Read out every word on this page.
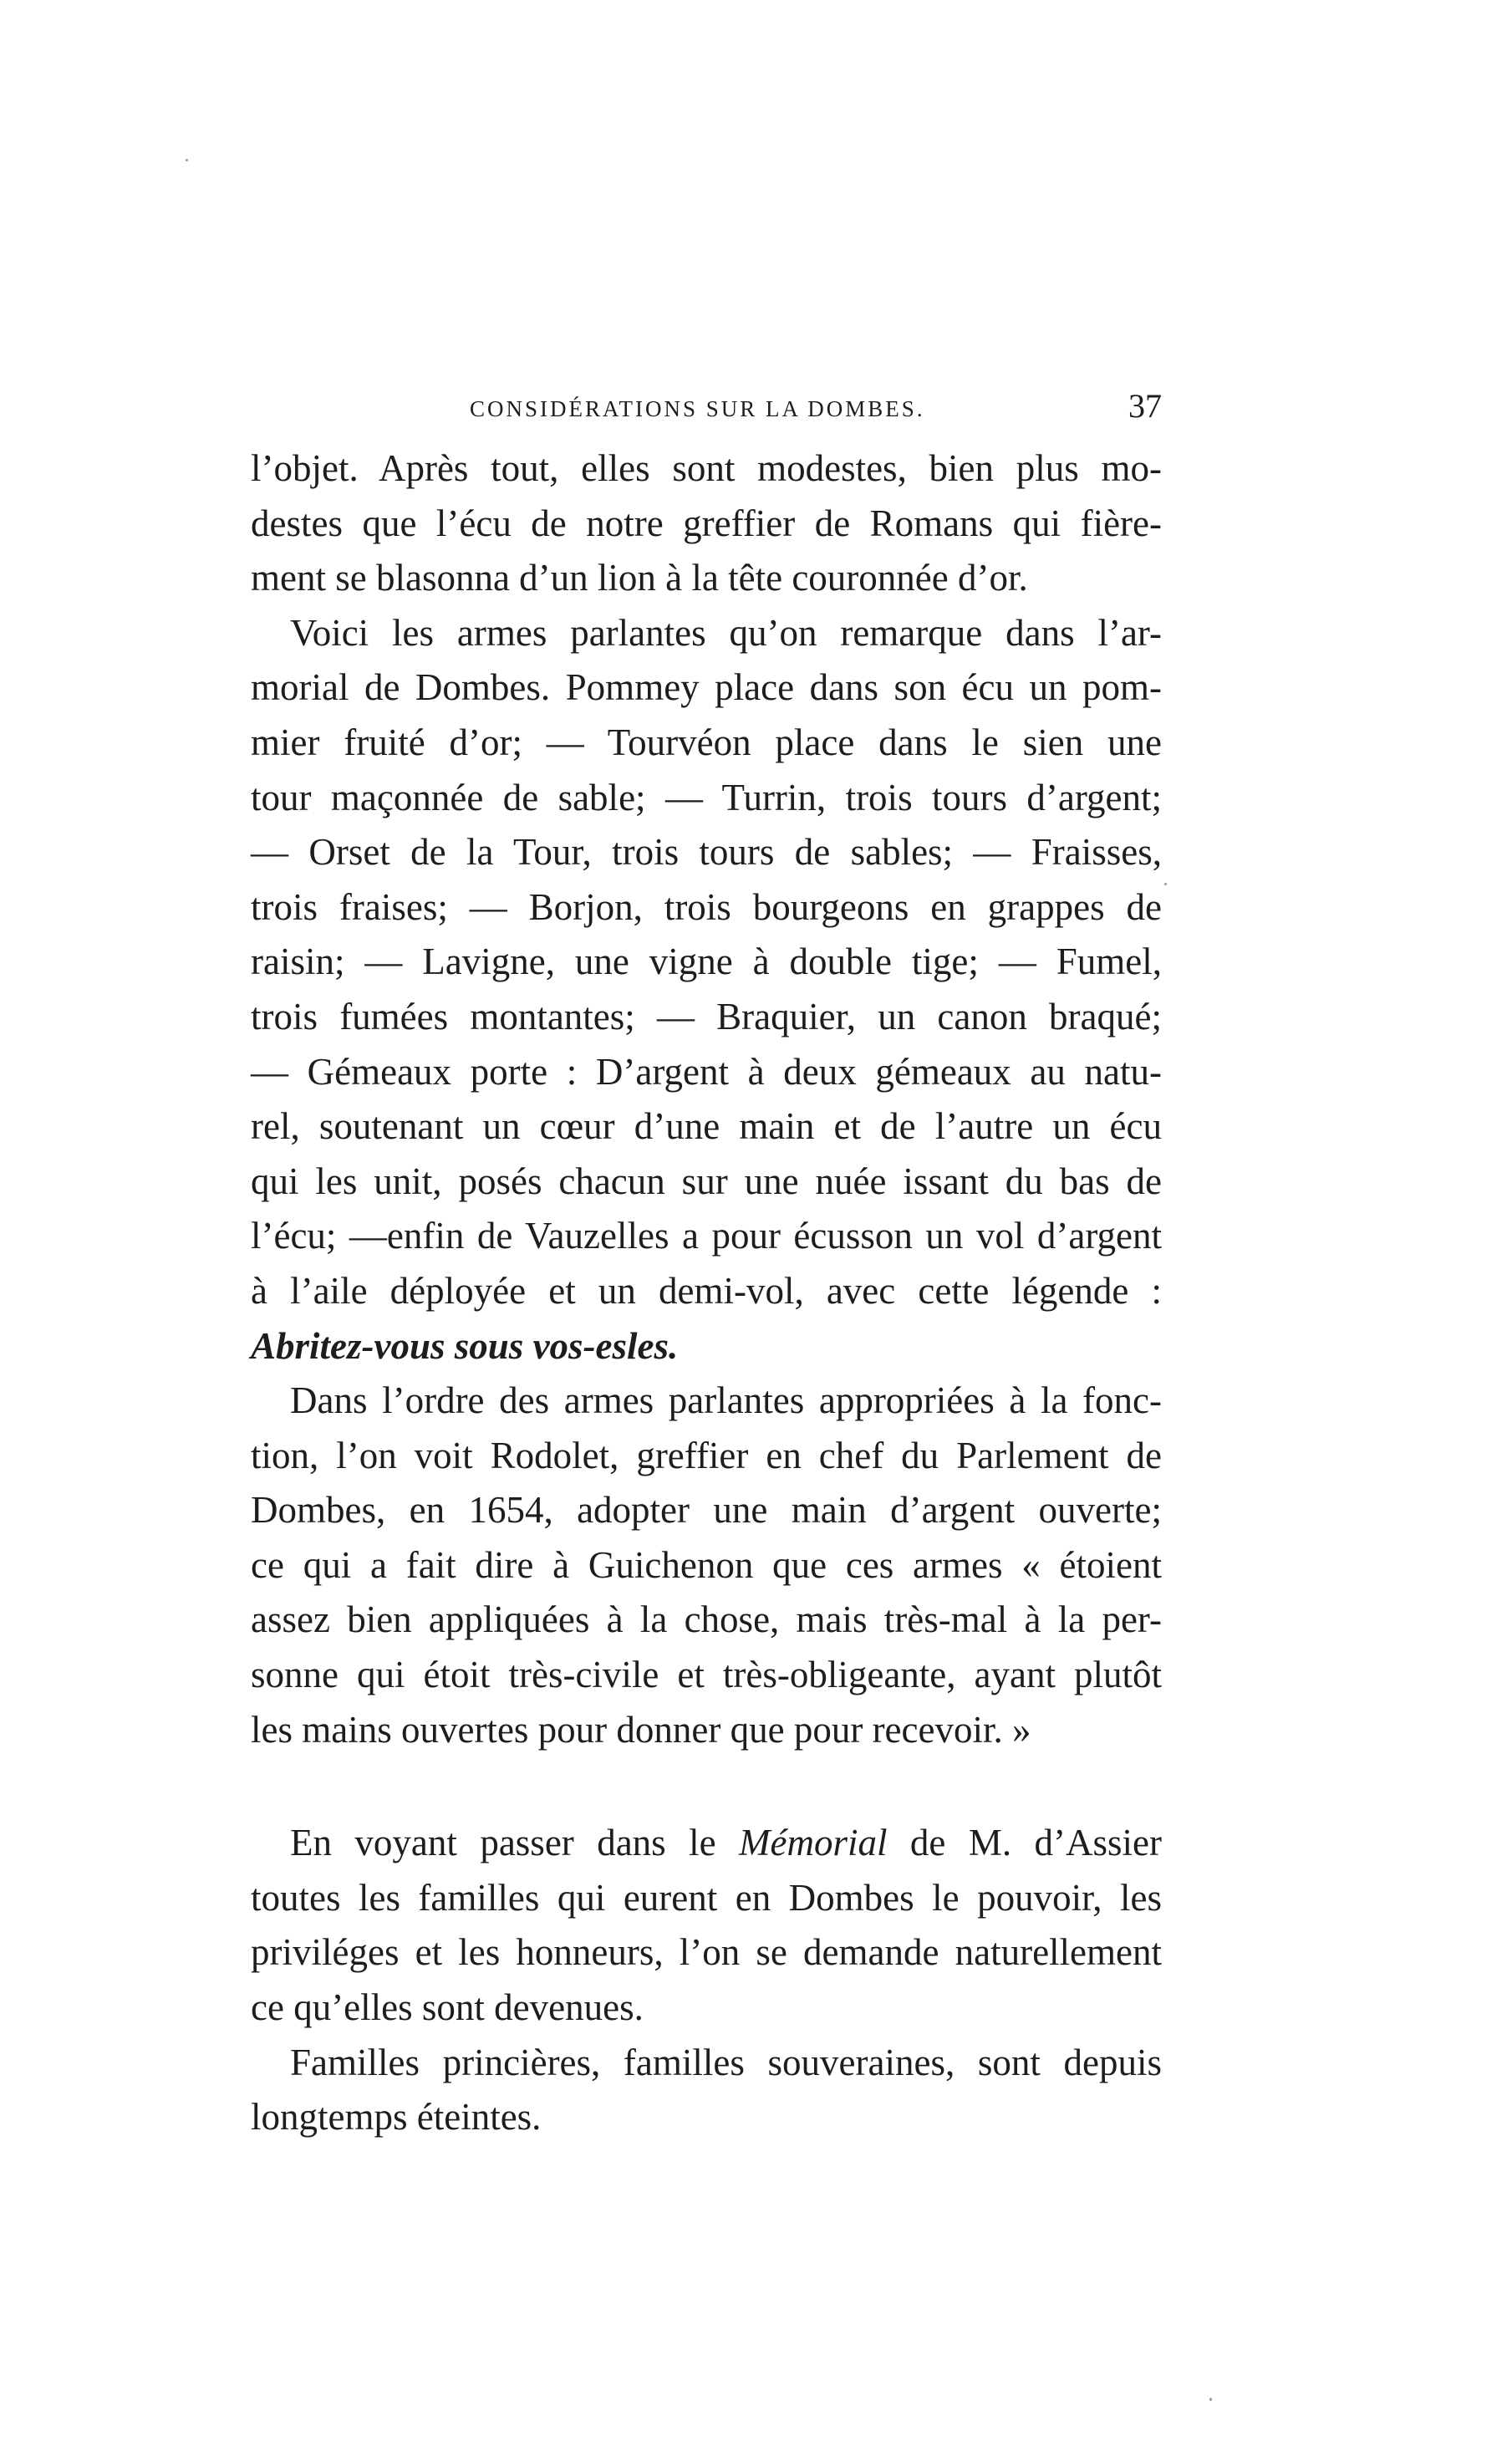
CONSIDÉRATIONS SUR LA DOMBES.	37
l’objet. Après tout, elles sont modestes, bien plus mo-
destes que l’écu de notre greffier de Romans qui fière-
ment se blasonna d’un lion à la tête couronnée d’or.
Voici les armes parlantes qu’on remarque dans l’ar-
morial de Dombes. Pommey place dans son écu un pom-
mier fruité d’or; — Tourvéon place dans le sien une
tour maçonnée de sable; — Turrin, trois tours d’argent;
— Orset de la Tour, trois tours de sables; — Fraisses,
trois fraises; — Borjon, trois bourgeons en grappes de
raisin; — Lavigne, une vigne à double tige; — Fumel,
trois fumées montantes; — Braquier, un canon braqué;
— Gémeaux porte : D’argent à deux gémeaux au natu-
rel, soutenant un cœur d’une main et de l’autre un écu
qui les unit, posés chacun sur une nuée issant du bas de
l’écu; —enfin de Vauzelles a pour écusson un vol d’argent
à l’aile déployée et un demi-vol, avec cette légende :
Abritez-vous sous vos-esles.
Dans l’ordre des armes parlantes appropriées à la fonc-
tion, l’on voit Rodolet, greffier en chef du Parlement de
Dombes, en 1654, adopter une main d’argent ouverte;
ce qui a fait dire à Guichenon que ces armes « étoient
assez bien appliquées à la chose, mais très-mal à la per-
sonne qui étoit très-civile et très-obligeante, ayant plutôt
les mains ouvertes pour donner que pour recevoir. »
En voyant passer dans le Mémorial de M. d’Assier
toutes les familles qui eurent en Dombes le pouvoir, les
priviléges et les honneurs, l’on se demande naturellement
ce qu’elles sont devenues.
Familles princières, familles souveraines, sont depuis
longtemps éteintes.
